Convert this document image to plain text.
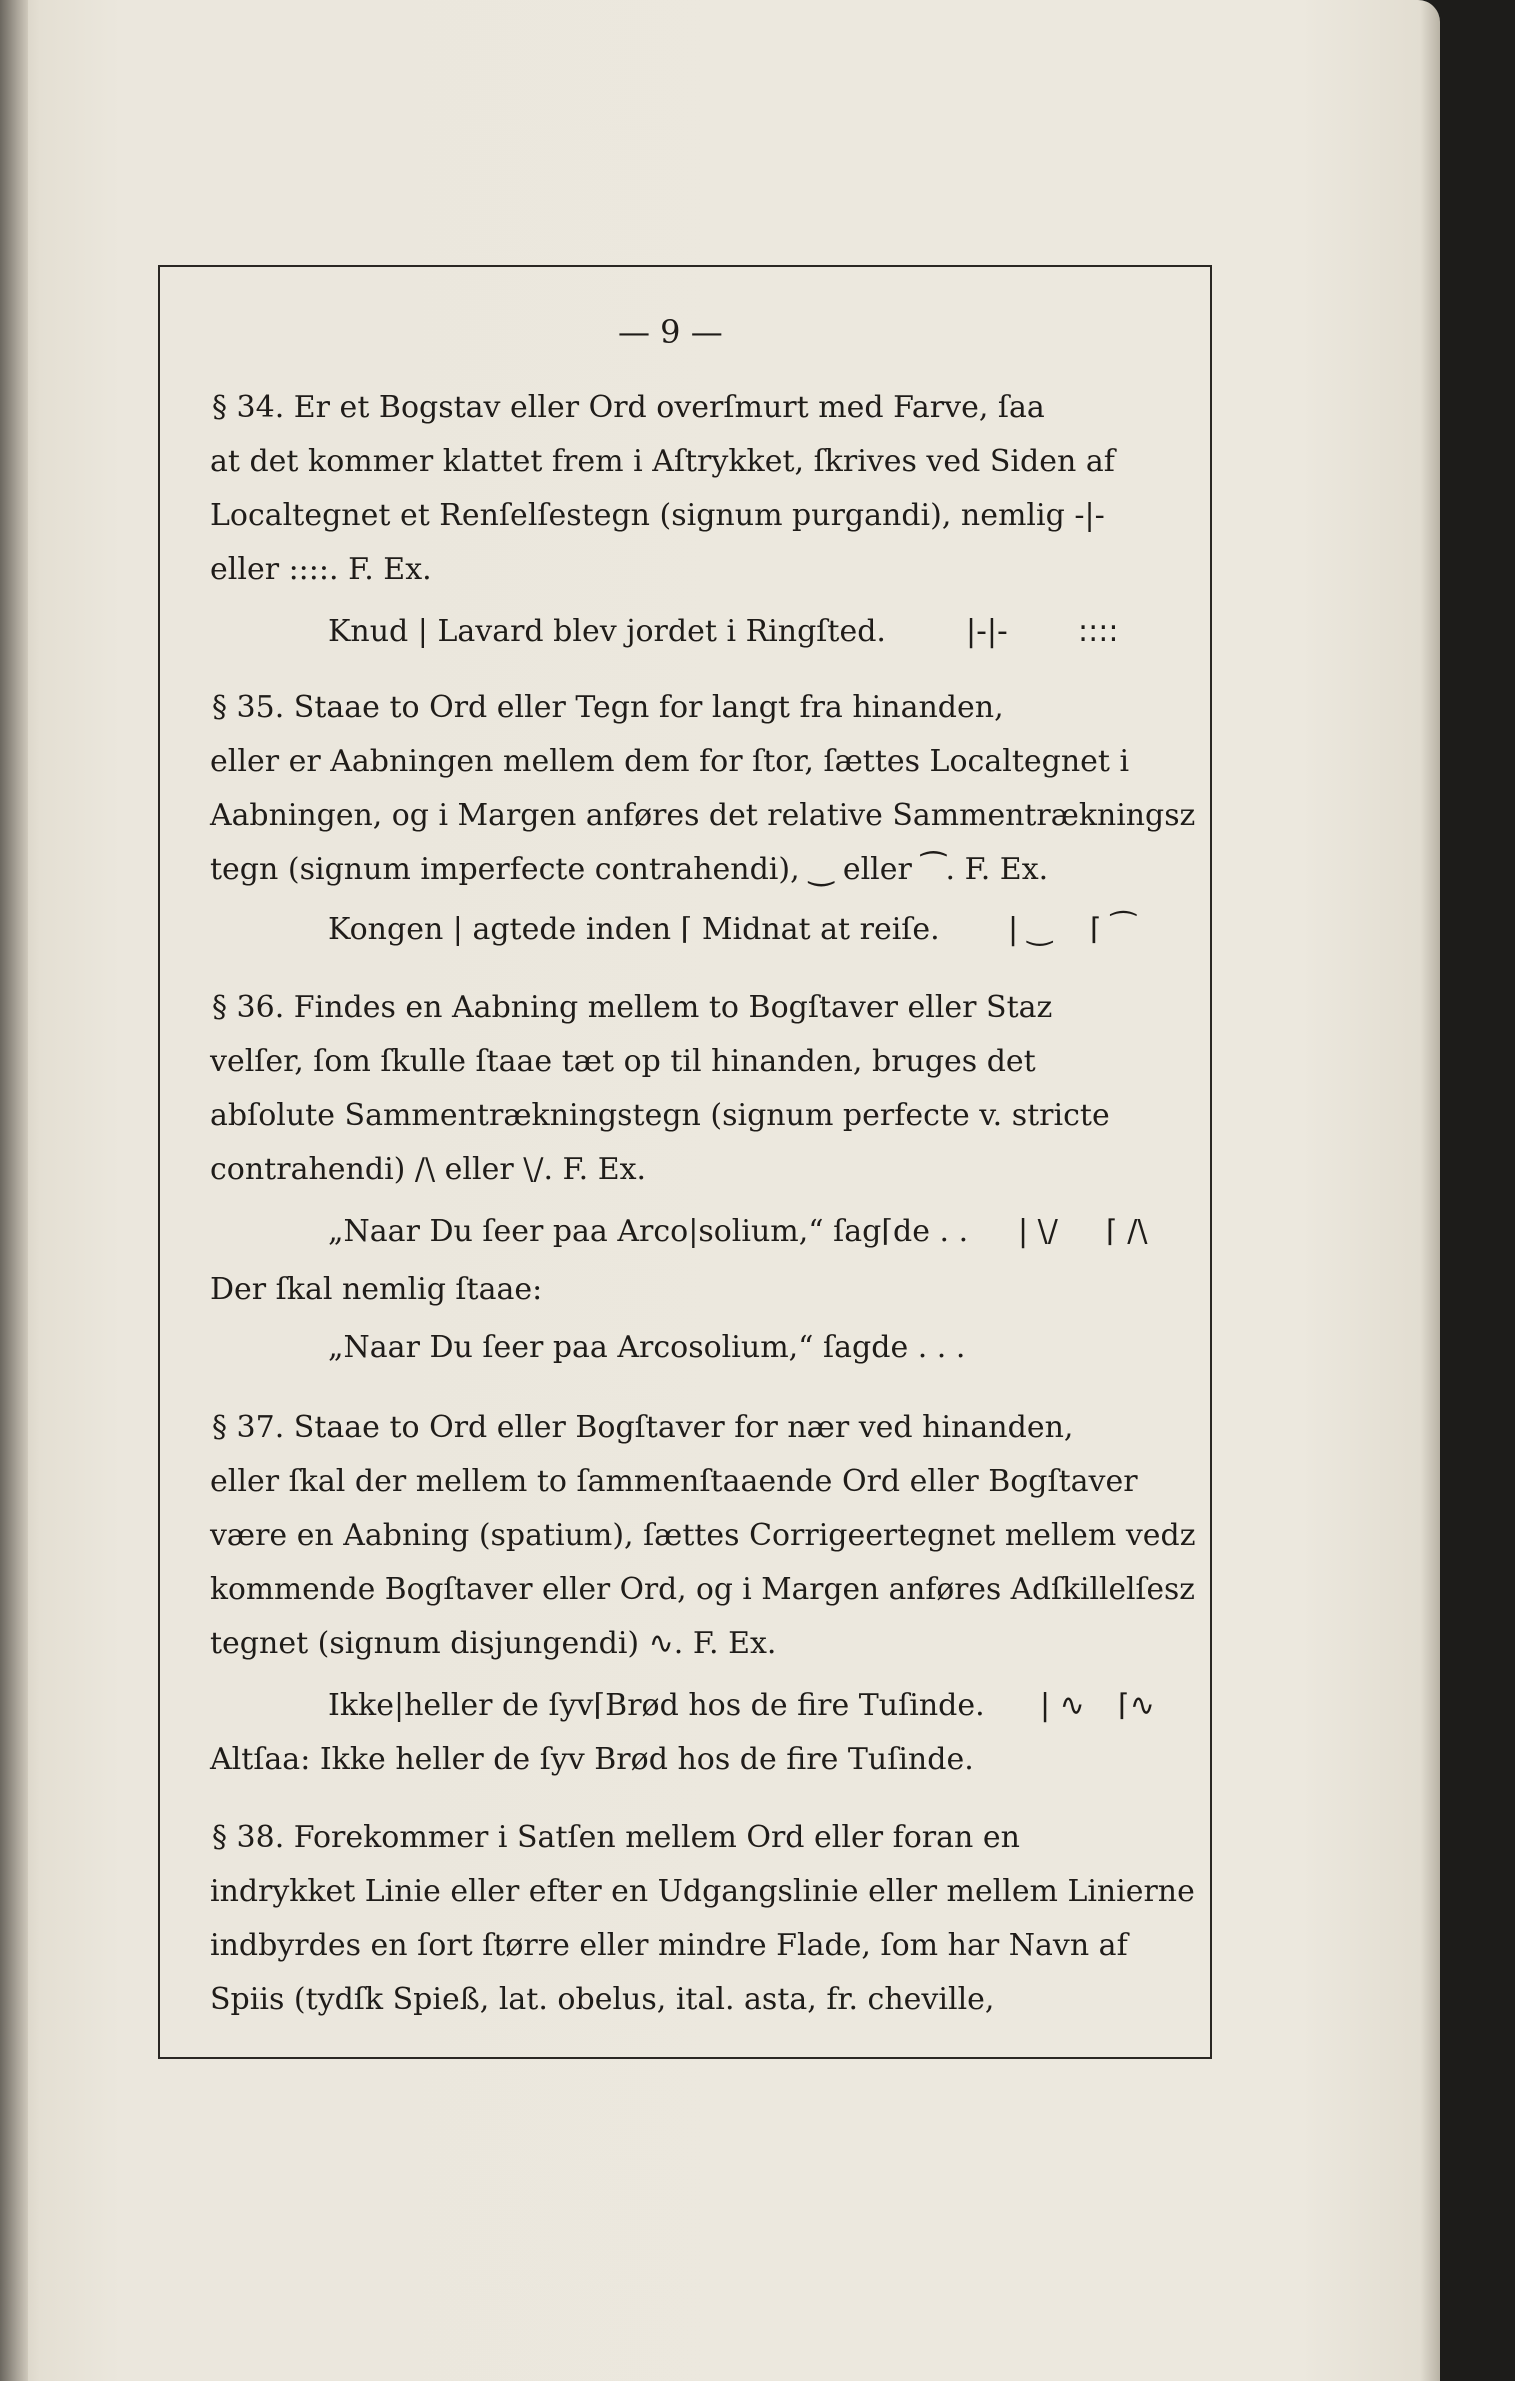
— 9 —
§ 34. Er et Bogstav eller Ord overſmurt med Farve, ſaa
at det kommer klattet frem i Aſtrykket, ſkrives ved Siden af
Localtegnet et Renſelſestegn (signum purgandi), nemlig -|-
eller ::::. F. Ex.
Knud | Lavard blev jordet i Ringſted.	|-|- ::::
§ 35. Staae to Ord eller Tegn for langt fra hinanden,
eller er Aabningen mellem dem for ſtor, ſættes Localtegnet i
Aabningen, og i Margen anføres det relative Sammentrækningsz
tegn (signum imperfecte contrahendi), ‿ eller ⁀. F. Ex.
Kongen | agtede inden ⌈ Midnat at reiſe. | ‿ ⌈ ⁀
§ 36. Findes en Aabning mellem to Bogſtaver eller Staz
velſer, ſom ſkulle ſtaae tæt op til hinanden, bruges det
abſolute Sammentrækningstegn (signum perfecte v. stricte
contrahendi) /\ eller \/. F. Ex.
„Naar Du ſeer paa Arco|solium,“ ſag⌈de . . | \/ ⌈ /\
Der ſkal nemlig ſtaae:
„Naar Du ſeer paa Arcosolium,“ ſagde . . .
§ 37. Staae to Ord eller Bogſtaver for nær ved hinanden,
eller ſkal der mellem to ſammenſtaaende Ord eller Bogſtaver
være en Aabning (spatium), ſættes Corrigeertegnet mellem vedz
kommende Bogſtaver eller Ord, og i Margen anføres Adſkillelſesz
tegnet (signum disjungendi) ∿. F. Ex.
Ikke|heller de ſyv⌈Brød hos de fire Tuſinde. | ∿ ⌈∿
Altſaa: Ikke heller de ſyv Brød hos de fire Tuſinde.
§ 38. Forekommer i Satſen mellem Ord eller foran en
indrykket Linie eller efter en Udgangslinie eller mellem Linierne
indbyrdes en ſort ſtørre eller mindre Flade, ſom har Navn af
Spiis (tydſk Spieß, lat. obelus, ital. asta, fr. cheville,
